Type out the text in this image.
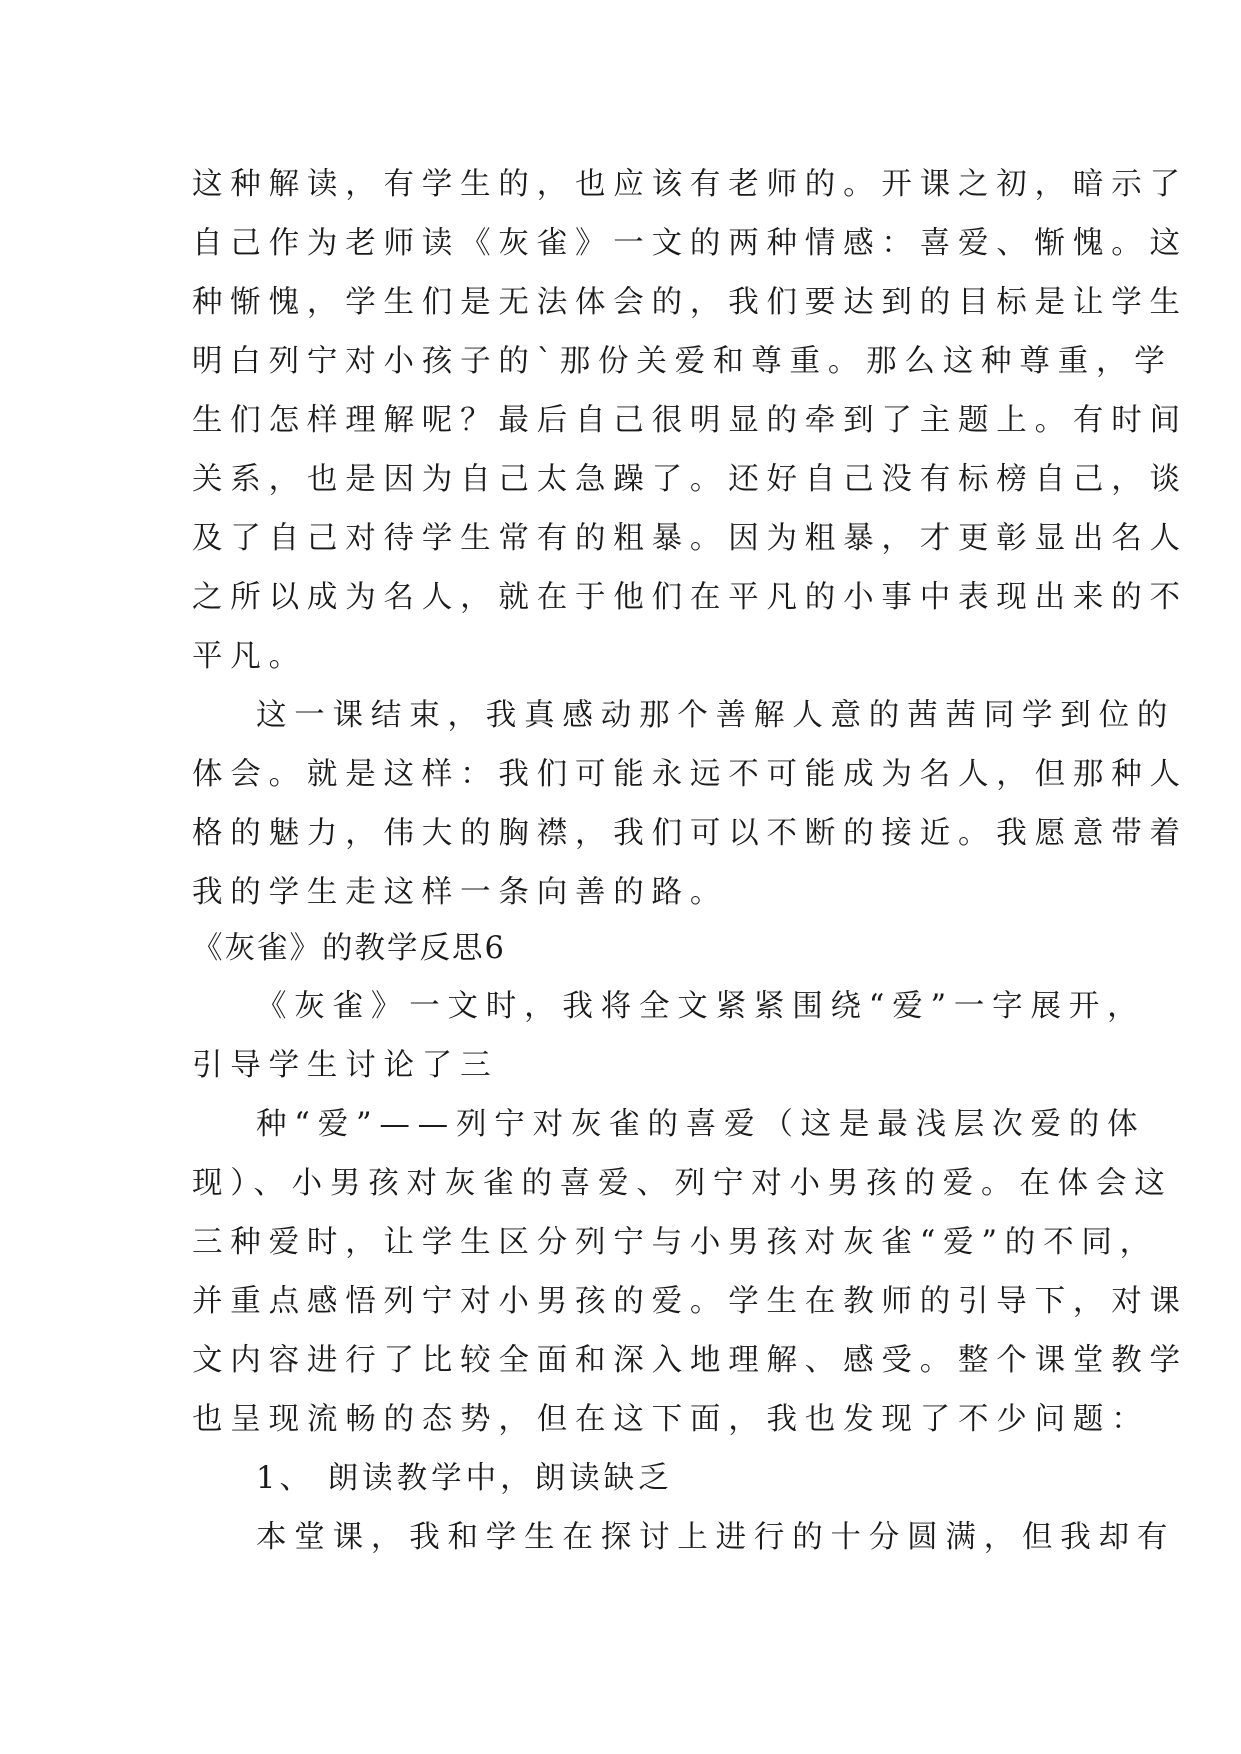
这种解读，有学生的，也应该有老师的。开课之初，暗示了

自己作为老师读《灰雀》一文的两种情感：喜爱、惭愧。这

种惭愧，学生们是无法体会的，我们要达到的目标是让学生

明白列宁对小孩子的`那份关爱和尊重。那么这种尊重，学

生们怎样理解呢？最后自己很明显的牵到了主题上。有时间

关系，也是因为自己太急躁了。还好自己没有标榜自己，谈

及了自己对待学生常有的粗暴。因为粗暴，才更彰显出名人

之所以成为名人，就在于他们在平凡的小事中表现出来的不

平凡。

这一课结束，我真感动那个善解人意的茜茜同学到位的

体会。就是这样：我们可能永远不可能成为名人，但那种人

格的魅力，伟大的胸襟，我们可以不断的接近。我愿意带着

我的学生走这样一条向善的路。

《灰雀》的教学反思6

《灰雀》一文时，我将全文紧紧围绕“爱”一字展开，

引导学生讨论了三

种“爱”——列宁对灰雀的喜爱（这是最浅层次爱的体

现）、小男孩对灰雀的喜爱、列宁对小男孩的爱。在体会这

三种爱时，让学生区分列宁与小男孩对灰雀“爱”的不同，

并重点感悟列宁对小男孩的爱。学生在教师的引导下，对课

文内容进行了比较全面和深入地理解、感受。整个课堂教学

也呈现流畅的态势，但在这下面，我也发现了不少问题：

1、 朗读教学中，朗读缺乏

本堂课，我和学生在探讨上进行的十分圆满，但我却有
